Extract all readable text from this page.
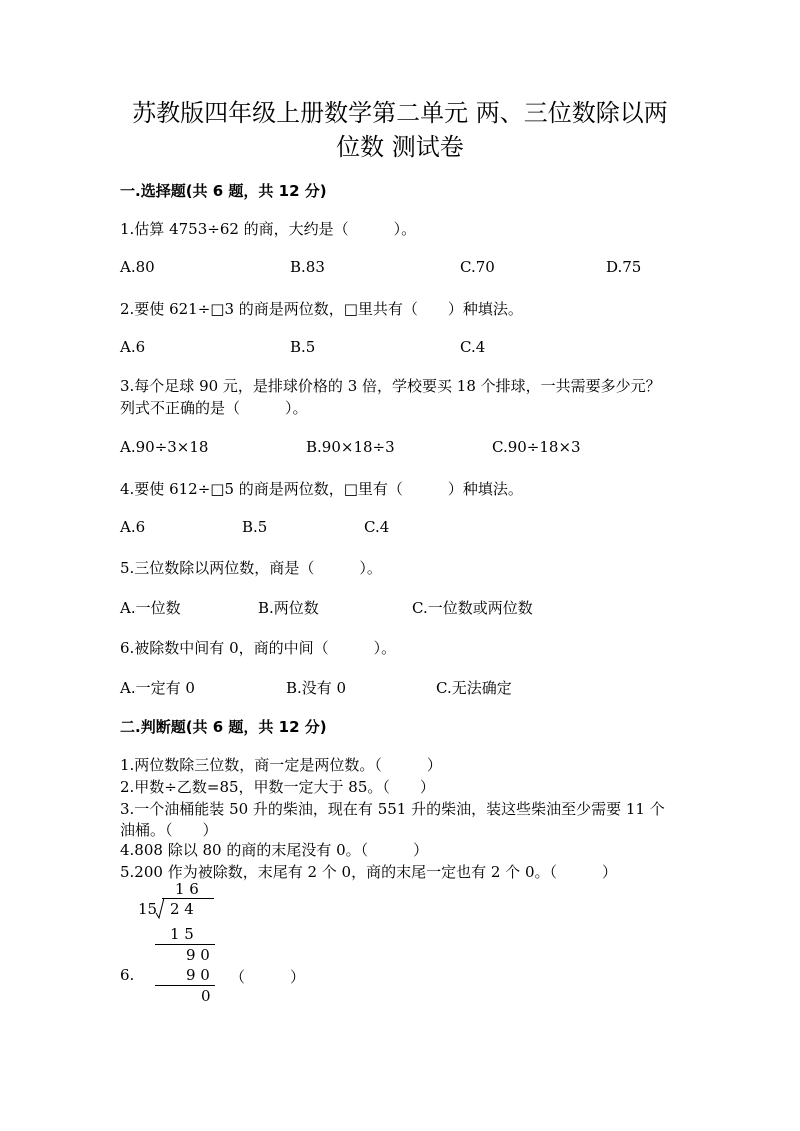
苏教版四年级上册数学第二单元 两、三位数除以两
位数 测试卷
一.选择题(共 6 题，共 12 分)
1.估算 4753÷62 的商，大约是（　　　）。
A.80	B.83	C.70	D.75
2.要使 621÷□3 的商是两位数，□里共有（　　）种填法。
A.6	B.5	C.4
3.每个足球 90 元，是排球价格的 3 倍，学校要买 18 个排球，一共需要多少元？列式不正确的是（　　　）。
A.90÷3×18	B.90×18÷3	C.90÷18×3
4.要使 612÷□5 的商是两位数，□里有（　　　）种填法。
A.6	B.5	C.4
5.三位数除以两位数，商是（　　　）。
A.一位数	B.两位数	C.一位数或两位数
6.被除数中间有 0，商的中间（　　　）。
A.一定有 0	B.没有 0	C.无法确定
二.判断题(共 6 题，共 12 分)
1.两位数除三位数，商一定是两位数。（　　　）
2.甲数÷乙数=85，甲数一定大于 85。（　　）
3.一个油桶能装 50 升的柴油，现在有 551 升的柴油，装这些柴油至少需要 11 个油桶。（　　）
4.808 除以 80 的商的末尾没有 0。（　　　）
5.200 作为被除数，末尾有 2 个 0，商的末尾一定也有 2 个 0。（　　　）
1 6
15 2 4
1 5
9 0
6.	9 0 （　　　）
0
